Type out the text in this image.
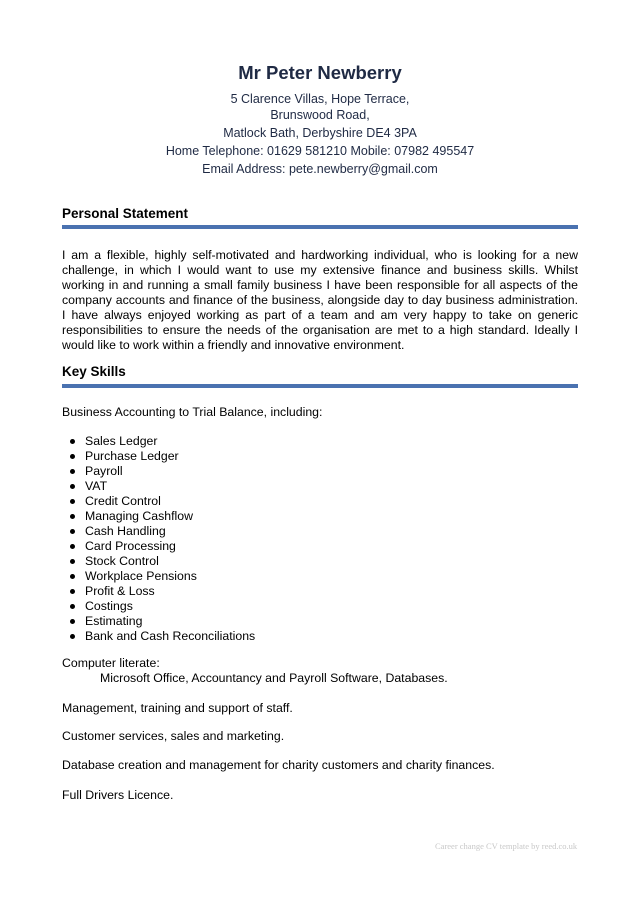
Mr Peter Newberry
5 Clarence Villas, Hope Terrace,
Brunswood Road,
Matlock Bath, Derbyshire DE4 3PA
Home Telephone: 01629 581210 Mobile: 07982 495547
Email Address: pete.newberry@gmail.com
Personal Statement
I am a flexible, highly self-motivated and hardworking individual, who is looking for a new challenge, in which I would want to use my extensive finance and business skills. Whilst working in and running a small family business I have been responsible for all aspects of the company accounts and finance of the business, alongside day to day business administration. I have always enjoyed working as part of a team and am very happy to take on generic responsibilities to ensure the needs of the organisation are met to a high standard. Ideally I would like to work within a friendly and innovative environment.
Key Skills
Business Accounting to Trial Balance, including:
Sales Ledger
Purchase Ledger
Payroll
VAT
Credit Control
Managing Cashflow
Cash Handling
Card Processing
Stock Control
Workplace Pensions
Profit & Loss
Costings
Estimating
Bank and Cash Reconciliations
Computer literate:
Microsoft Office, Accountancy and Payroll Software, Databases.
Management, training and support of staff.
Customer services, sales and marketing.
Database creation and management for charity customers and charity finances.
Full Drivers Licence.
Career change CV template by reed.co.uk
